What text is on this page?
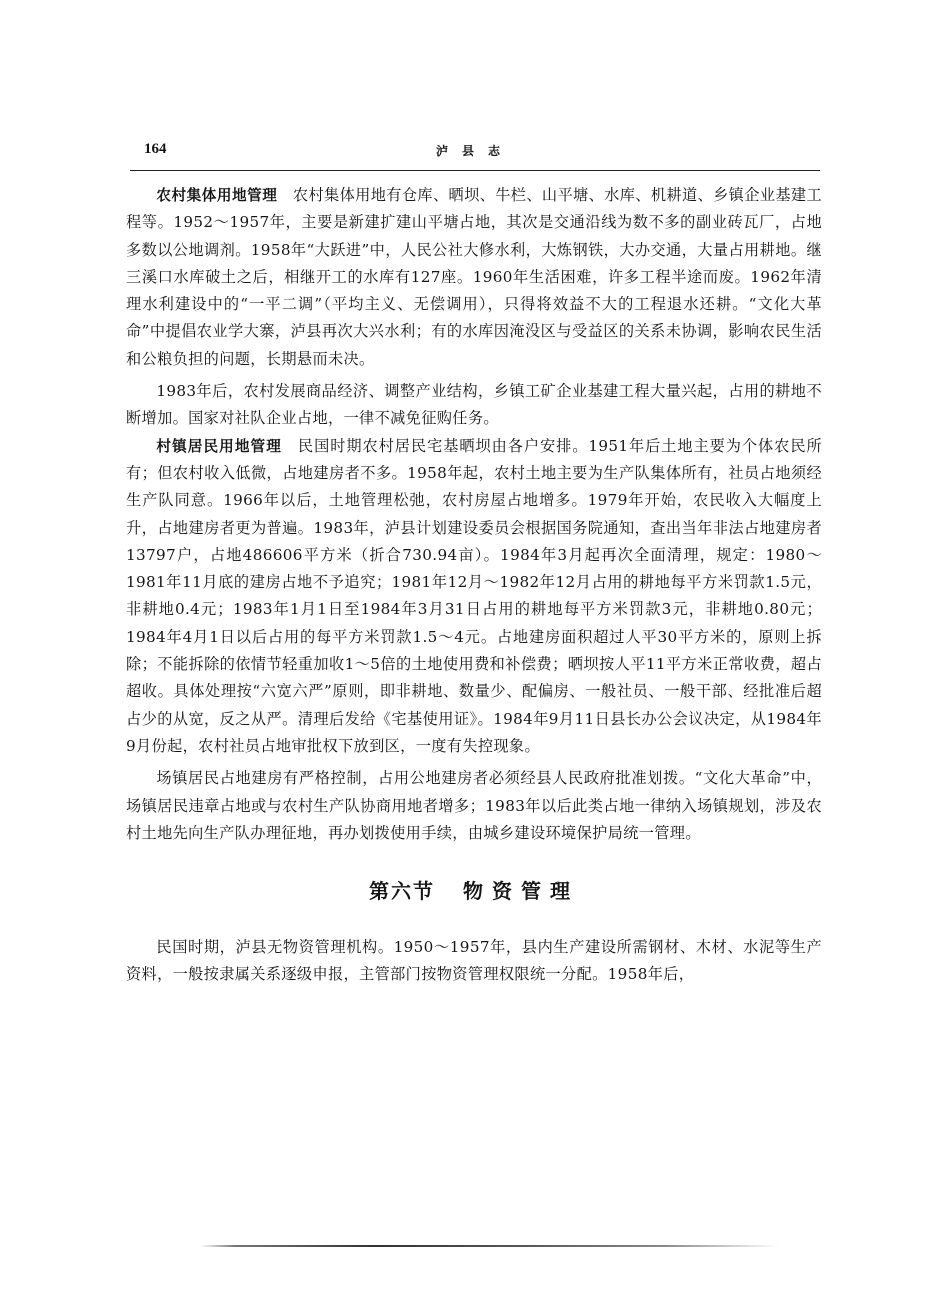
164	泸县志

农村集体用地管理　 农村集体用地有仓库、晒坝、牛栏、山平塘、水库、机耕道、乡镇企业基建工程等。1952～1957年，主要是新建扩建山平塘占地，其次是交通沿线为数不多的副业砖瓦厂，占地多数以公地调剂。1958年“大跃进”中，人民公社大修水利，大炼钢铁，大办交通，大量占用耕地。继三溪口水库破土之后，相继开工的水库有127座。1960年生活困难，许多工程半途而废。1962年清理水利建设中的“一平二调”（平均主义、无偿调用），只得将效益不大的工程退水还耕。“文化大革命”中提倡农业学大寨，泸县再次大兴水利；有的水库因淹没区与受益区的关系未协调，影响农民生活和公粮负担的问题，长期悬而未决。

1983年后，农村发展商品经济、调整产业结构，乡镇工矿企业基建工程大量兴起，占用的耕地不断增加。国家对社队企业占地，一律不减免征购任务。

村镇居民用地管理　 民国时期农村居民宅基晒坝由各户安排。1951年后土地主要为个体农民所有；但农村收入低微，占地建房者不多。1958年起，农村土地主要为生产队集体所有，社员占地须经生产队同意。1966年以后，土地管理松弛，农村房屋占地增多。1979年开始，农民收入大幅度上升，占地建房者更为普遍。1983年，泸县计划建设委员会根据国务院通知，查出当年非法占地建房者13797户，占地486606平方米（折合730.94亩）。1984年3月起再次全面清理，规定：1980～1981年11月底的建房占地不予追究；1981年12月～1982年12月占用的耕地每平方米罚款1.5元，非耕地0.4元；1983年1月1日至1984年3月31日占用的耕地每平方米罚款3元，非耕地0.80元；1984年4月1日以后占用的每平方米罚款1.5～4元。占地建房面积超过人平30平方米的，原则上拆除；不能拆除的依情节轻重加收1～5倍的土地使用费和补偿费；晒坝按人平11平方米正常收费，超占超收。具体处理按“六宽六严”原则，即非耕地、数量少、配偏房、一般社员、一般干部、经批准后超占少的从宽，反之从严。清理后发给《宅基使用证》。1984年9月11日县长办公会议决定，从1984年9月份起，农村社员占地审批权下放到区，一度有失控现象。

场镇居民占地建房有严格控制，占用公地建房者必须经县人民政府批准划拨。“文化大革命”中，场镇居民违章占地或与农村生产队协商用地者增多；1983年以后此类占地一律纳入场镇规划，涉及农村土地先向生产队办理征地，再办划拨使用手续，由城乡建设环境保护局统一管理。

第六节 物资管理

民国时期，泸县无物资管理机构。1950～1957年，县内生产建设所需钢材、木材、水泥等生产资料，一般按隶属关系逐级申报，主管部门按物资管理权限统一分配。1958年后，
